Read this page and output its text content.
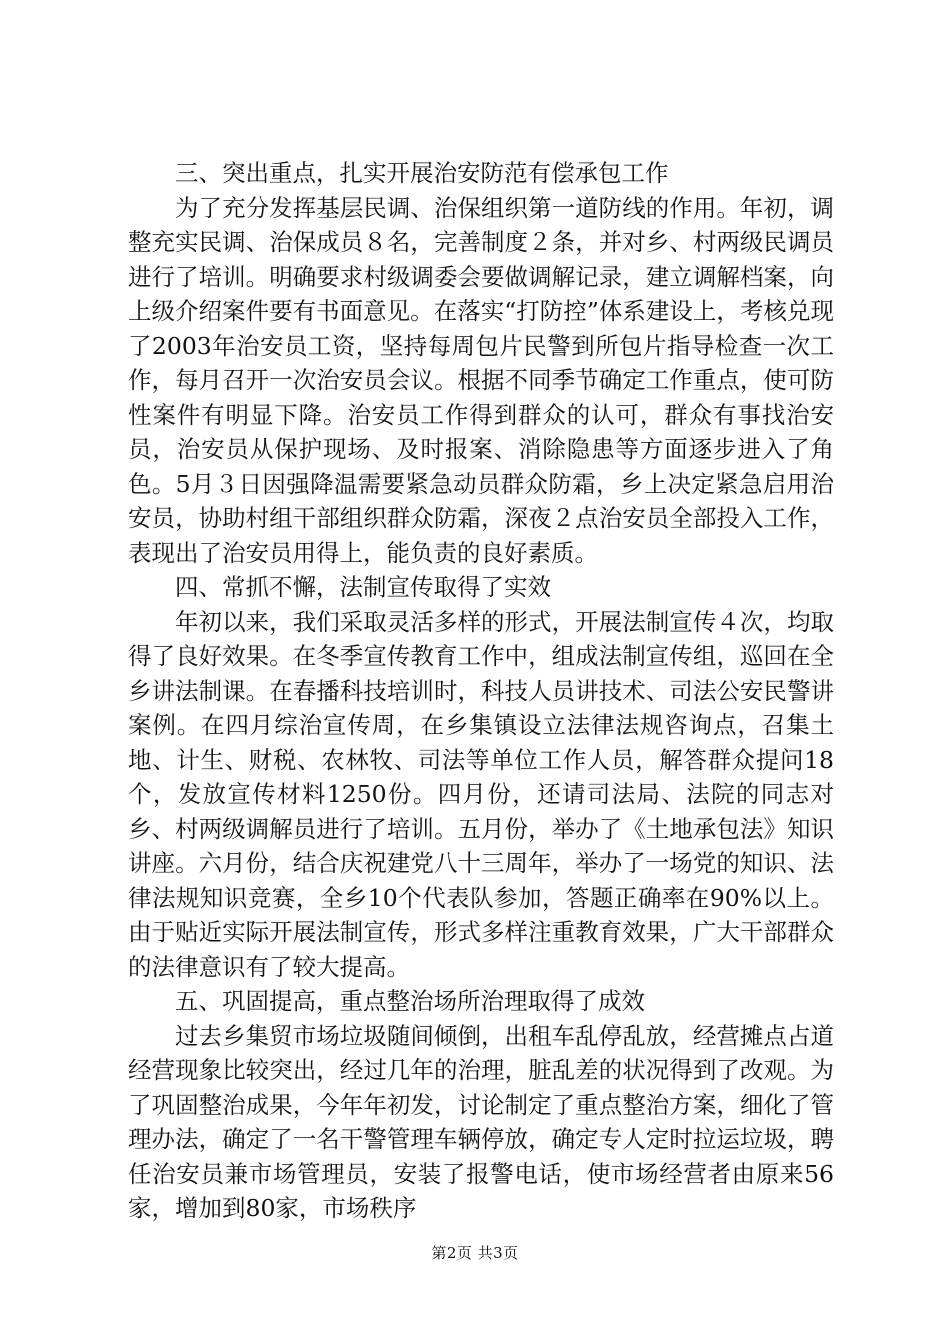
三、突出重点，扎实开展治安防范有偿承包工作

为了充分发挥基层民调、治保组织第一道防线的作用。年初，调整充实民调、治保成员８名，完善制度２条，并对乡、村两级民调员进行了培训。明确要求村级调委会要做调解记录，建立调解档案，向上级介绍案件要有书面意见。在落实“打防控”体系建设上，考核兑现了2003年治安员工资，坚持每周包片民警到所包片指导检查一次工作，每月召开一次治安员会议。根据不同季节确定工作重点，使可防性案件有明显下降。治安员工作得到群众的认可，群众有事找治安员，治安员从保护现场、及时报案、消除隐患等方面逐步进入了角色。5月３日因强降温需要紧急动员群众防霜，乡上决定紧急启用治安员，协助村组干部组织群众防霜，深夜２点治安员全部投入工作，表现出了治安员用得上，能负责的良好素质。

四、常抓不懈，法制宣传取得了实效

年初以来，我们采取灵活多样的形式，开展法制宣传４次，均取得了良好效果。在冬季宣传教育工作中，组成法制宣传组，巡回在全乡讲法制课。在春播科技培训时，科技人员讲技术、司法公安民警讲案例。在四月综治宣传周，在乡集镇设立法律法规咨询点，召集土地、计生、财税、农林牧、司法等单位工作人员，解答群众提问18个，发放宣传材料1250份。四月份，还请司法局、法院的同志对乡、村两级调解员进行了培训。五月份，举办了《土地承包法》知识讲座。六月份，结合庆祝建党八十三周年，举办了一场党的知识、法律法规知识竞赛，全乡10个代表队参加，答题正确率在90%以上。由于贴近实际开展法制宣传，形式多样注重教育效果，广大干部群众的法律意识有了较大提高。

五、巩固提高，重点整治场所治理取得了成效

过去乡集贸市场垃圾随间倾倒，出租车乱停乱放，经营摊点占道经营现象比较突出，经过几年的治理，脏乱差的状况得到了改观。为了巩固整治成果，今年年初发，讨论制定了重点整治方案，细化了管理办法，确定了一名干警管理车辆停放，确定专人定时拉运垃圾，聘任治安员兼市场管理员，安装了报警电话，使市场经营者由原来56家，增加到80家，市场秩序

第2页 共3页
